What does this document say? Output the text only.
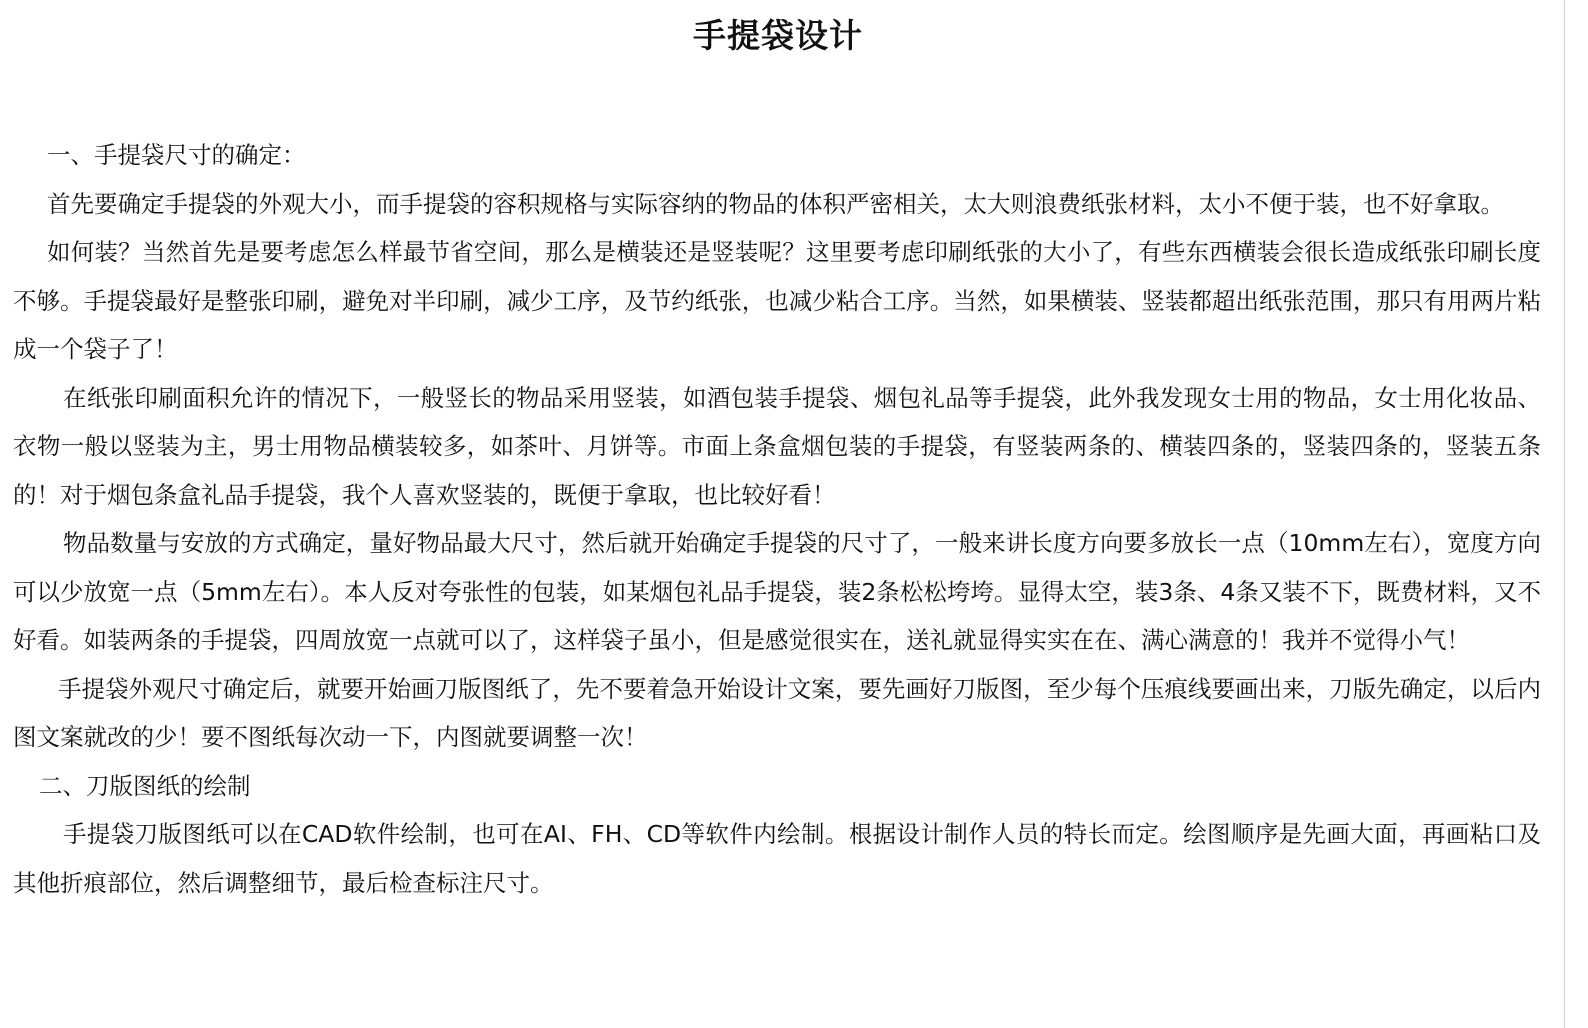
手提袋设计

一、手提袋尺寸的确定：

首先要确定手提袋的外观大小，而手提袋的容积规格与实际容纳的物品的体积严密相关，太大则浪费纸张材料，太小不便于装，也不好拿取。

如何装？当然首先是要考虑怎么样最节省空间，那么是横装还是竖装呢？这里要考虑印刷纸张的大小了，有些东西横装会很长造成纸张印刷长度不够。手提袋最好是整张印刷，避免对半印刷，减少工序，及节约纸张，也减少粘合工序。当然，如果横装、竖装都超出纸张范围，那只有用两片粘成一个袋子了！

在纸张印刷面积允许的情况下，一般竖长的物品采用竖装，如酒包装手提袋、烟包礼品等手提袋，此外我发现女士用的物品，女士用化妆品、衣物一般以竖装为主，男士用物品横装较多，如茶叶、月饼等。市面上条盒烟包装的手提袋，有竖装两条的、横装四条的，竖装四条的，竖装五条的！对于烟包条盒礼品手提袋，我个人喜欢竖装的，既便于拿取，也比较好看！

物品数量与安放的方式确定，量好物品最大尺寸，然后就开始确定手提袋的尺寸了，一般来讲长度方向要多放长一点（10mm左右），宽度方向可以少放宽一点（5mm左右）。本人反对夸张性的包装，如某烟包礼品手提袋，装2条松松垮垮。显得太空，装3条、4条又装不下，既费材料，又不好看。如装两条的手提袋，四周放宽一点就可以了，这样袋子虽小，但是感觉很实在，送礼就显得实实在在、满心满意的！我并不觉得小气！

手提袋外观尺寸确定后，就要开始画刀版图纸了，先不要着急开始设计文案，要先画好刀版图，至少每个压痕线要画出来，刀版先确定，以后内图文案就改的少！要不图纸每次动一下，内图就要调整一次！

二、刀版图纸的绘制

手提袋刀版图纸可以在CAD软件绘制，也可在AI、FH、CD等软件内绘制。根据设计制作人员的特长而定。绘图顺序是先画大面，再画粘口及其他折痕部位，然后调整细节，最后检查标注尺寸。
